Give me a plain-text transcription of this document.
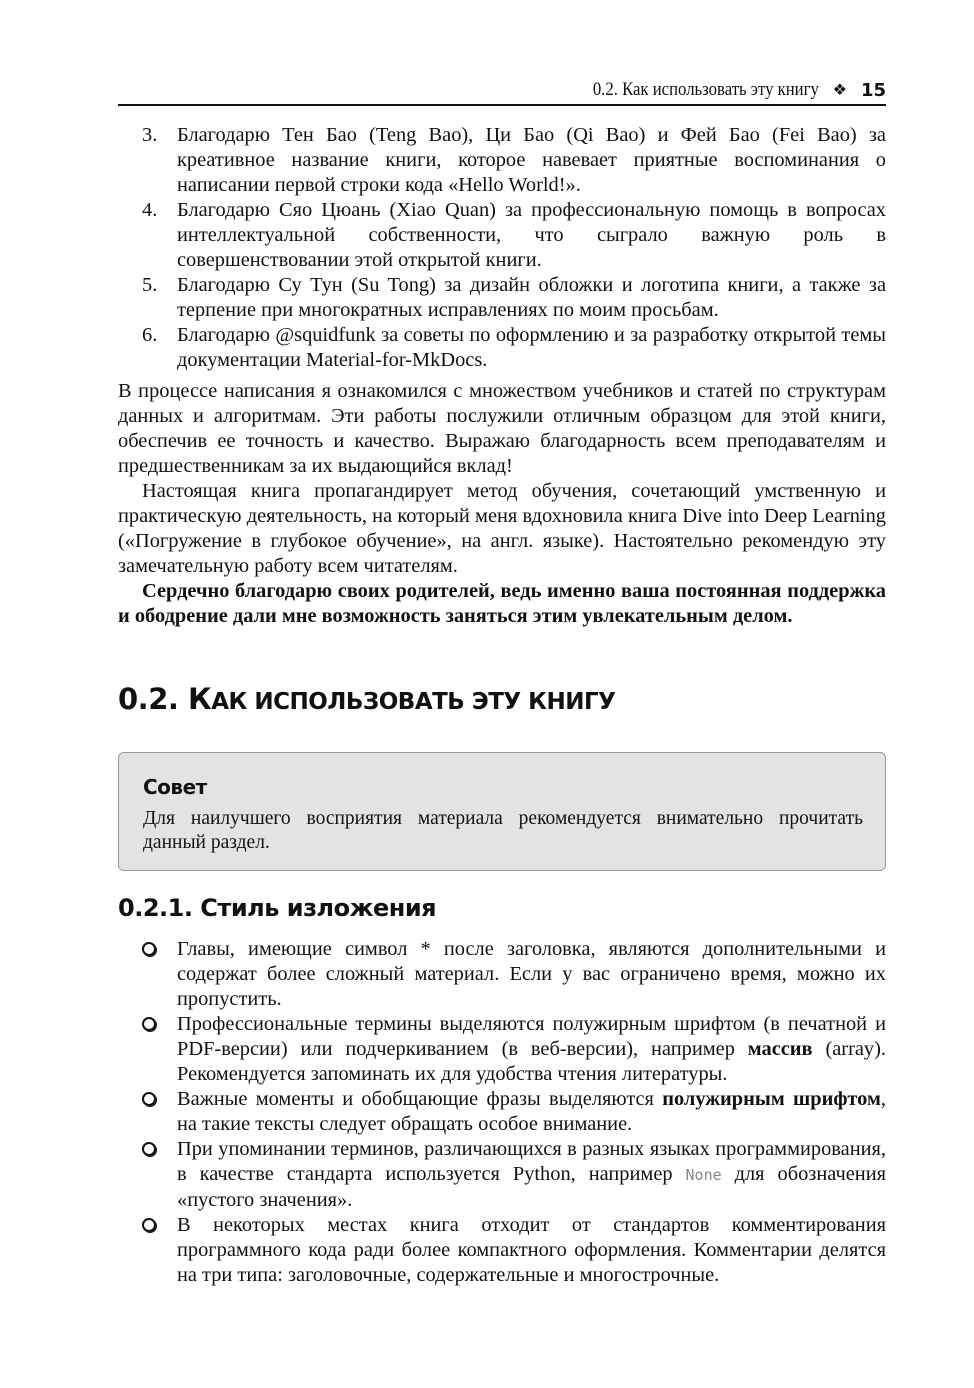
0.2. Как использовать эту книгу ❖ 15
3. Благодарю Тен Бао (Teng Bao), Ци Бао (Qi Bao) и Фей Бао (Fei Bao) за креативное название книги, которое навевает приятные воспоминания о написании первой строки кода «Hello World!».
4. Благодарю Сяо Цюань (Xiao Quan) за профессиональную помощь в вопросах интеллектуальной собственности, что сыграло важную роль в совершенствовании этой открытой книги.
5. Благодарю Су Тун (Su Tong) за дизайн обложки и логотипа книги, а также за терпение при многократных исправлениях по моим просьбам.
6. Благодарю @squidfunk за советы по оформлению и за разработку открытой темы документации Material-for-MkDocs.

В процессе написания я ознакомился с множеством учебников и статей по структурам данных и алгоритмам. Эти работы послужили отличным образцом для этой книги, обеспечив ее точность и качество. Выражаю благодарность всем преподавателям и предшественникам за их выдающийся вклад!

Настоящая книга пропагандирует метод обучения, сочетающий умственную и практическую деятельность, на который меня вдохновила книга Dive into Deep Learning («Погружение в глубокое обучение», на англ. языке). Настоятельно рекомендую эту замечательную работу всем читателям.

Сердечно благодарю своих родителей, ведь именно ваша постоянная поддержка и ободрение дали мне возможность заняться этим увлекательным делом.

0.2. КАК ИСПОЛЬЗОВАТЬ ЭТУ КНИГУ
Совет
Для наилучшего восприятия материала рекомендуется внимательно прочитать данный раздел.
0.2.1. Стиль изложения
Главы, имеющие символ * после заголовка, являются дополнительными и содержат более сложный материал. Если у вас ограничено время, можно их пропустить.
Профессиональные термины выделяются полужирным шрифтом (в печатной и PDF-версии) или подчеркиванием (в веб-версии), например массив (array). Рекомендуется запоминать их для удобства чтения литературы.
Важные моменты и обобщающие фразы выделяются полужирным шрифтом, на такие тексты следует обращать особое внимание.
При упоминании терминов, различающихся в разных языках программирования, в качестве стандарта используется Python, например None для обозначения «пустого значения».
В некоторых местах книга отходит от стандартов комментирования программного кода ради более компактного оформления. Комментарии делятся на три типа: заголовочные, содержательные и многострочные.
